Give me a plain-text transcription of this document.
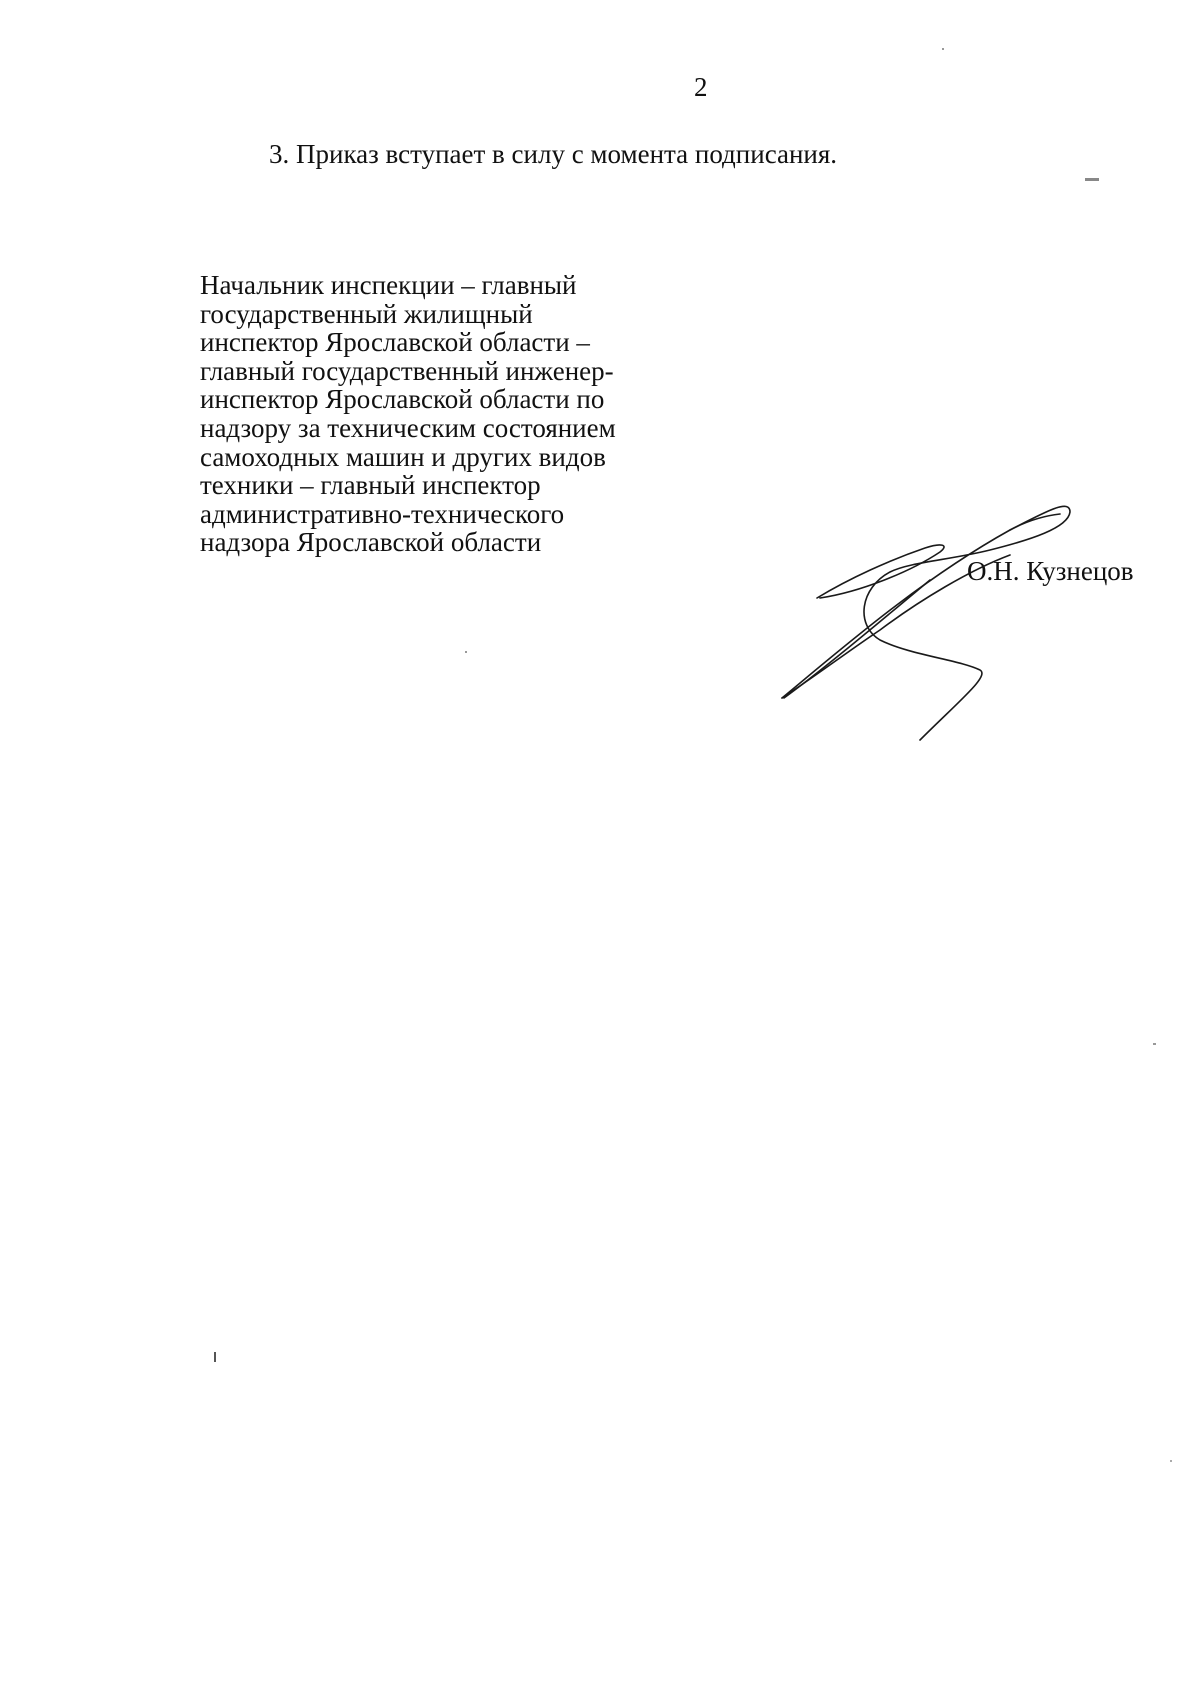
2
3. Приказ вступает в силу с момента подписания.
Начальник инспекции – главный
государственный жилищный
инспектор Ярославской области –
главный государственный инженер-
инспектор Ярославской области по
надзору за техническим состоянием
самоходных машин и других видов
техники – главный инспектор
административно-технического
надзора Ярославской области
О.Н. Кузнецов
